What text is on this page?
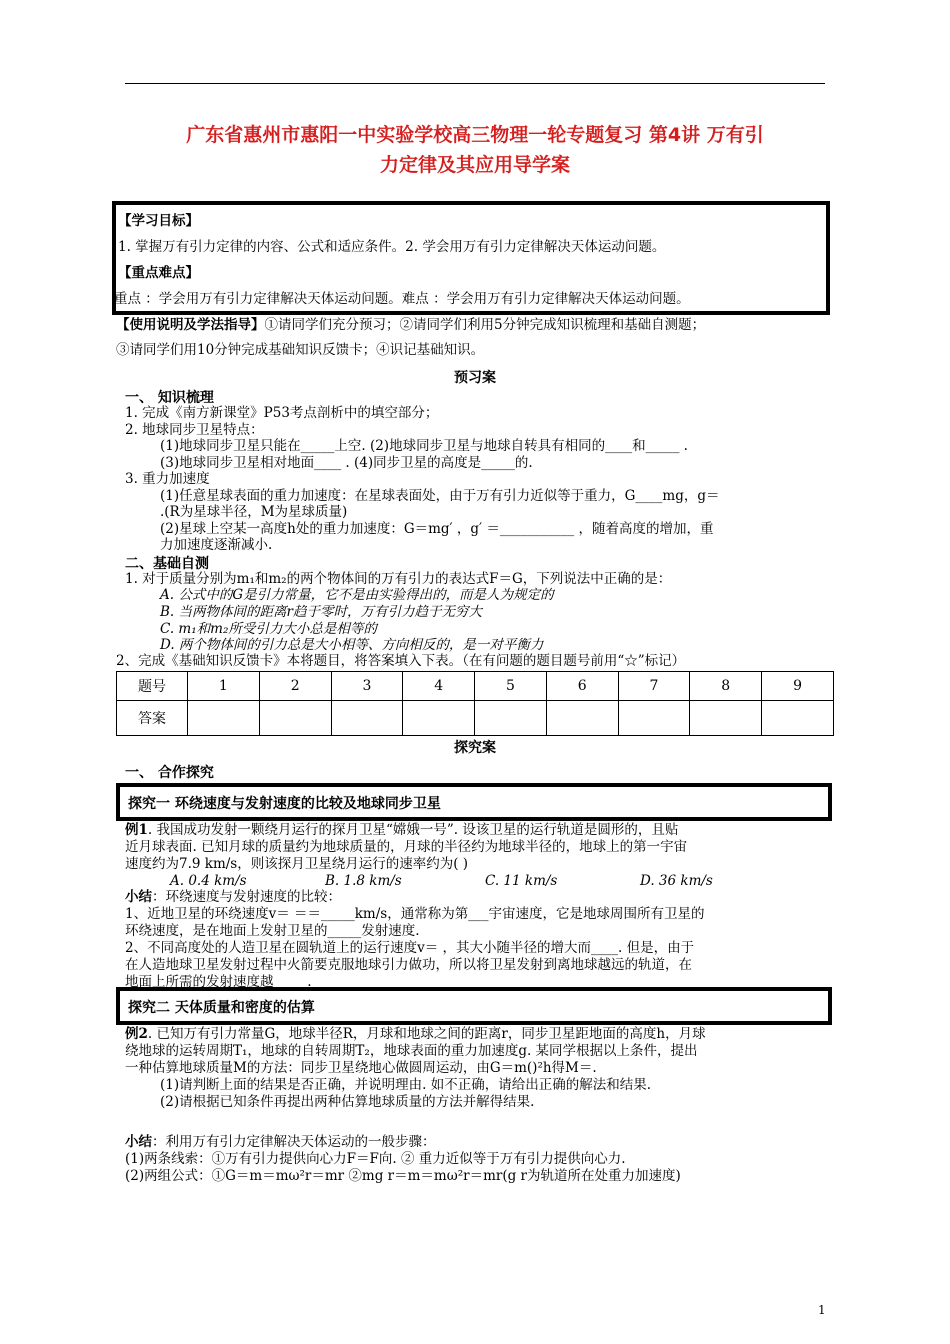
广东省惠州市惠阳一中实验学校高三物理一轮专题复习 第4讲 万有引
力定律及其应用导学案
【学习目标】
1. 掌握万有引力定律的内容、公式和适应条件。2. 学会用万有引力定律解决天体运动问题。
【重点难点】
重点 ：学会用万有引力定律解决天体运动问题。难点 ：学会用万有引力定律解决天体运动问题。
【使用说明及学法指导】①请同学们充分预习；②请同学们利用5分钟完成知识梳理和基础自测题；
③请同学们用10分钟完成基础知识反馈卡；④识记基础知识。
预习案
一、 知识梳理
1. 完成《南方新课堂》P53考点剖析中的填空部分；
2. 地球同步卫星特点：
(1)地球同步卫星只能在_____上空. (2)地球同步卫星与地球自转具有相同的____和_____ .
(3)地球同步卫星相对地面____ . (4)同步卫星的高度是_____的.
3. 重力加速度
(1)任意星球表面的重力加速度：在星球表面处，由于万有引力近似等于重力，G____mg，g＝
.(R为星球半径，M为星球质量)
(2)星球上空某一高度h处的重力加速度：G＝mg′ ，g′ ＝___________ ，随着高度的增加，重
力加速度逐渐减小.
二、基础自测
1. 对于质量分别为m₁和m₂的两个物体间的万有引力的表达式F＝G，下列说法中正确的是：
A. 公式中的G是引力常量，它不是由实验得出的，而是人为规定的
B. 当两物体间的距离r趋于零时，万有引力趋于无穷大
C. m₁和m₂所受引力大小总是相等的
D. 两个物体间的引力总是大小相等、方向相反的，是一对平衡力
2、完成《基础知识反馈卡》本将题目，将答案填入下表。（在有问题的题目题号前用“☆”标记）
题号	1	2	3	4	5	6	7	8	9
答案									
探究案
一、 合作探究
探究一 环绕速度与发射速度的比较及地球同步卫星
例1. 我国成功发射一颗绕月运行的探月卫星“嫦娥一号”. 设该卫星的运行轨道是圆形的，且贴
近月球表面. 已知月球的质量约为地球质量的，月球的半径约为地球半径的，地球上的第一宇宙
速度约为7.9 km/s，则该探月卫星绕月运行的速率约为( )
A. 0.4 km/s	B. 1.8 km/s	C. 11 km/s	D. 36 km/s
小结：环绕速度与发射速度的比较：
1、近地卫星的环绕速度v＝ ＝＝_____km/s，通常称为第___宇宙速度，它是地球周围所有卫星的
环绕速度，是在地面上发射卫星的_____发射速度.
2、不同高度处的人造卫星在圆轨道上的运行速度v＝ ，其大小随半径的增大而____. 但是，由于
在人造地球卫星发射过程中火箭要克服地球引力做功，所以将卫星发射到离地球越远的轨道，在
地面上所需的发射速度越_____.
探究二 天体质量和密度的估算
例2. 已知万有引力常量G，地球半径R，月球和地球之间的距离r，同步卫星距地面的高度h，月球
绕地球的运转周期T₁，地球的自转周期T₂，地球表面的重力加速度g. 某同学根据以上条件，提出
一种估算地球质量M的方法：同步卫星绕地心做圆周运动，由G＝m()²h得M＝.
(1)请判断上面的结果是否正确，并说明理由. 如不正确，请给出正确的解法和结果.
(2)请根据已知条件再提出两种估算地球质量的方法并解得结果.
小结：利用万有引力定律解决天体运动的一般步骤：
(1)两条线索：①万有引力提供向心力F＝F向. ② 重力近似等于万有引力提供向心力.
(2)两组公式：①G＝m＝mω²r＝mr ②mg r＝m＝mω²r＝mr(g r为轨道所在处重力加速度)
1
